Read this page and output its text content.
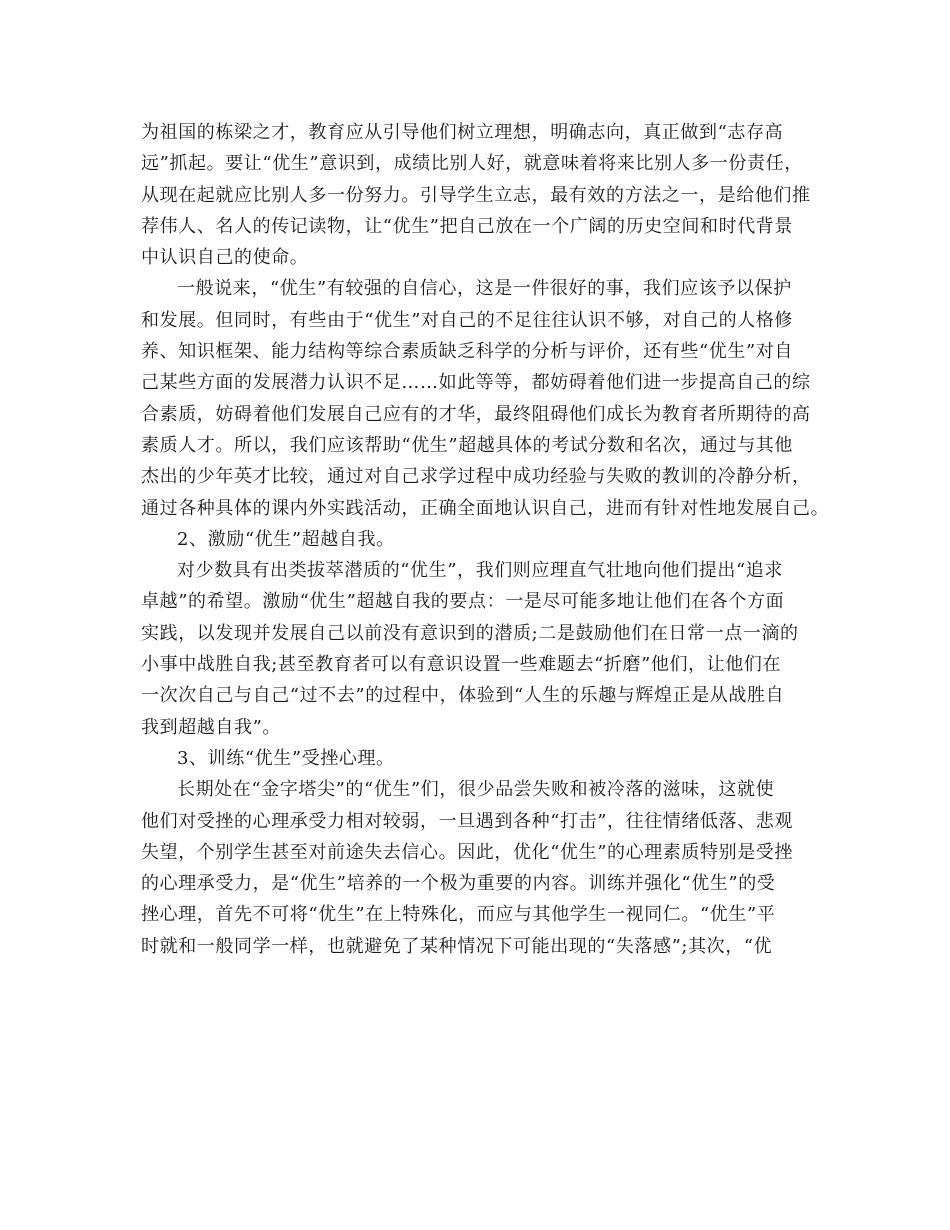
为祖国的栋梁之才，教育应从引导他们树立理想，明确志向，真正做到“志存高
远”抓起。要让“优生”意识到，成绩比别人好，就意味着将来比别人多一份责任，
从现在起就应比别人多一份努力。引导学生立志，最有效的方法之一，是给他们推
荐伟人、名人的传记读物，让“优生”把自己放在一个广阔的历史空间和时代背景
中认识自己的使命。
一般说来，“优生”有较强的自信心，这是一件很好的事，我们应该予以保护
和发展。但同时，有些由于“优生”对自己的不足往往认识不够，对自己的人格修
养、知识框架、能力结构等综合素质缺乏科学的分析与评价，还有些“优生”对自
己某些方面的发展潜力认识不足……如此等等，都妨碍着他们进一步提高自己的综
合素质，妨碍着他们发展自己应有的才华，最终阻碍他们成长为教育者所期待的高
素质人才。所以，我们应该帮助“优生”超越具体的考试分数和名次，通过与其他
杰出的少年英才比较，通过对自己求学过程中成功经验与失败的教训的冷静分析，
通过各种具体的课内外实践活动，正确全面地认识自己，进而有针对性地发展自己。
2、激励“优生”超越自我。
对少数具有出类拔萃潜质的“优生”，我们则应理直气壮地向他们提出“追求
卓越”的希望。激励“优生”超越自我的要点：一是尽可能多地让他们在各个方面
实践，以发现并发展自己以前没有意识到的潜质;二是鼓励他们在日常一点一滴的
小事中战胜自我;甚至教育者可以有意识设置一些难题去“折磨”他们，让他们在
一次次自己与自己“过不去”的过程中，体验到“人生的乐趣与辉煌正是从战胜自
我到超越自我”。
3、训练“优生”受挫心理。
长期处在“金字塔尖”的“优生”们，很少品尝失败和被冷落的滋味，这就使
他们对受挫的心理承受力相对较弱，一旦遇到各种“打击”，往往情绪低落、悲观
失望，个别学生甚至对前途失去信心。因此，优化“优生”的心理素质特别是受挫
的心理承受力，是“优生”培养的一个极为重要的内容。训练并强化“优生”的受
挫心理，首先不可将“优生”在上特殊化，而应与其他学生一视同仁。“优生”平
时就和一般同学一样，也就避免了某种情况下可能出现的“失落感”;其次，“优
